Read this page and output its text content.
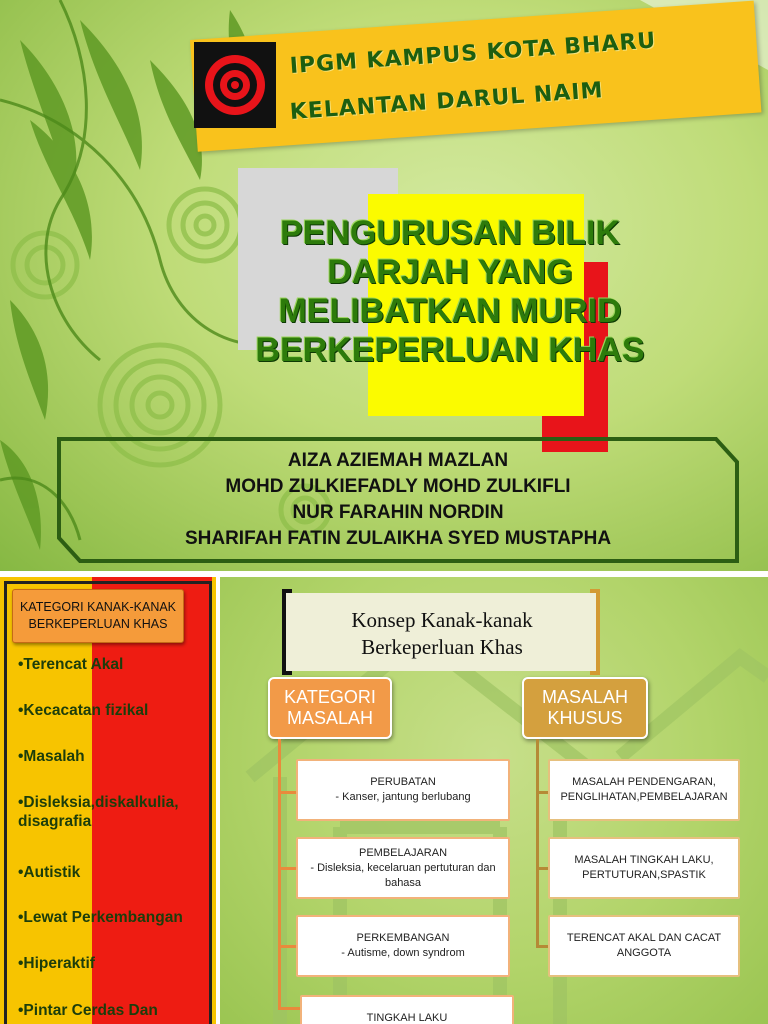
IPGM KAMPUS KOTA BHARU
KELANTAN DARUL NAIM
PENGURUSAN BILIK
DARJAH YANG
MELIBATKAN MURID
BERKEPERLUAN KHAS
AIZA AZIEMAH MAZLAN
MOHD ZULKIEFADLY MOHD ZULKIFLI
NUR FARAHIN NORDIN
SHARIFAH FATIN ZULAIKHA SYED MUSTAPHA
KATEGORI KANAK-KANAK
BERKEPERLUAN KHAS
•Terencat Akal
•Kecacatan fizikal
•Masalah
•Disleksia,diskalkulia, disagrafia
•Autistik
•Lewat Perkembangan
•Hiperaktif
•Pintar Cerdas Dan
Konsep Kanak-kanak
Berkeperluan Khas
KATEGORI
MASALAH
MASALAH
KHUSUS
PERUBATAN
- Kanser, jantung berlubang
PEMBELAJARAN
- Disleksia, kecelaruan pertuturan dan bahasa
PERKEMBANGAN
- Autisme, down syndrom
TINGKAH LAKU
MASALAH PENDENGARAN, PENGLIHATAN,PEMBELAJARAN
MASALAH TINGKAH LAKU, PERTUTURAN,SPASTIK
TERENCAT AKAL DAN CACAT ANGGOTA
